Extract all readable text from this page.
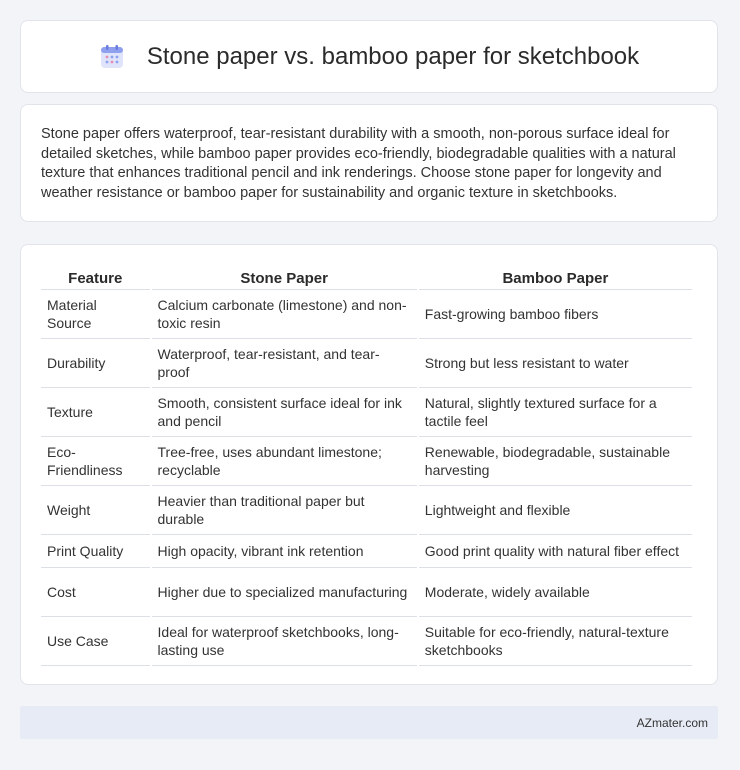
Stone paper vs. bamboo paper for sketchbook

Stone paper offers waterproof, tear-resistant durability with a smooth, non-porous surface ideal for detailed sketches, while bamboo paper provides eco-friendly, biodegradable qualities with a natural texture that enhances traditional pencil and ink renderings. Choose stone paper for longevity and weather resistance or bamboo paper for sustainability and organic texture in sketchbooks.

Feature	Stone Paper	Bamboo Paper
Material Source	Calcium carbonate (limestone) and non-toxic resin	Fast-growing bamboo fibers
Durability	Waterproof, tear-resistant, and tear-proof	Strong but less resistant to water
Texture	Smooth, consistent surface ideal for ink and pencil	Natural, slightly textured surface for a tactile feel
Eco-Friendliness	Tree-free, uses abundant limestone; recyclable	Renewable, biodegradable, sustainable harvesting
Weight	Heavier than traditional paper but durable	Lightweight and flexible
Print Quality	High opacity, vibrant ink retention	Good print quality with natural fiber effect
Cost	Higher due to specialized manufacturing	Moderate, widely available
Use Case	Ideal for waterproof sketchbooks, long-lasting use	Suitable for eco-friendly, natural-texture sketchbooks
AZmater.com
